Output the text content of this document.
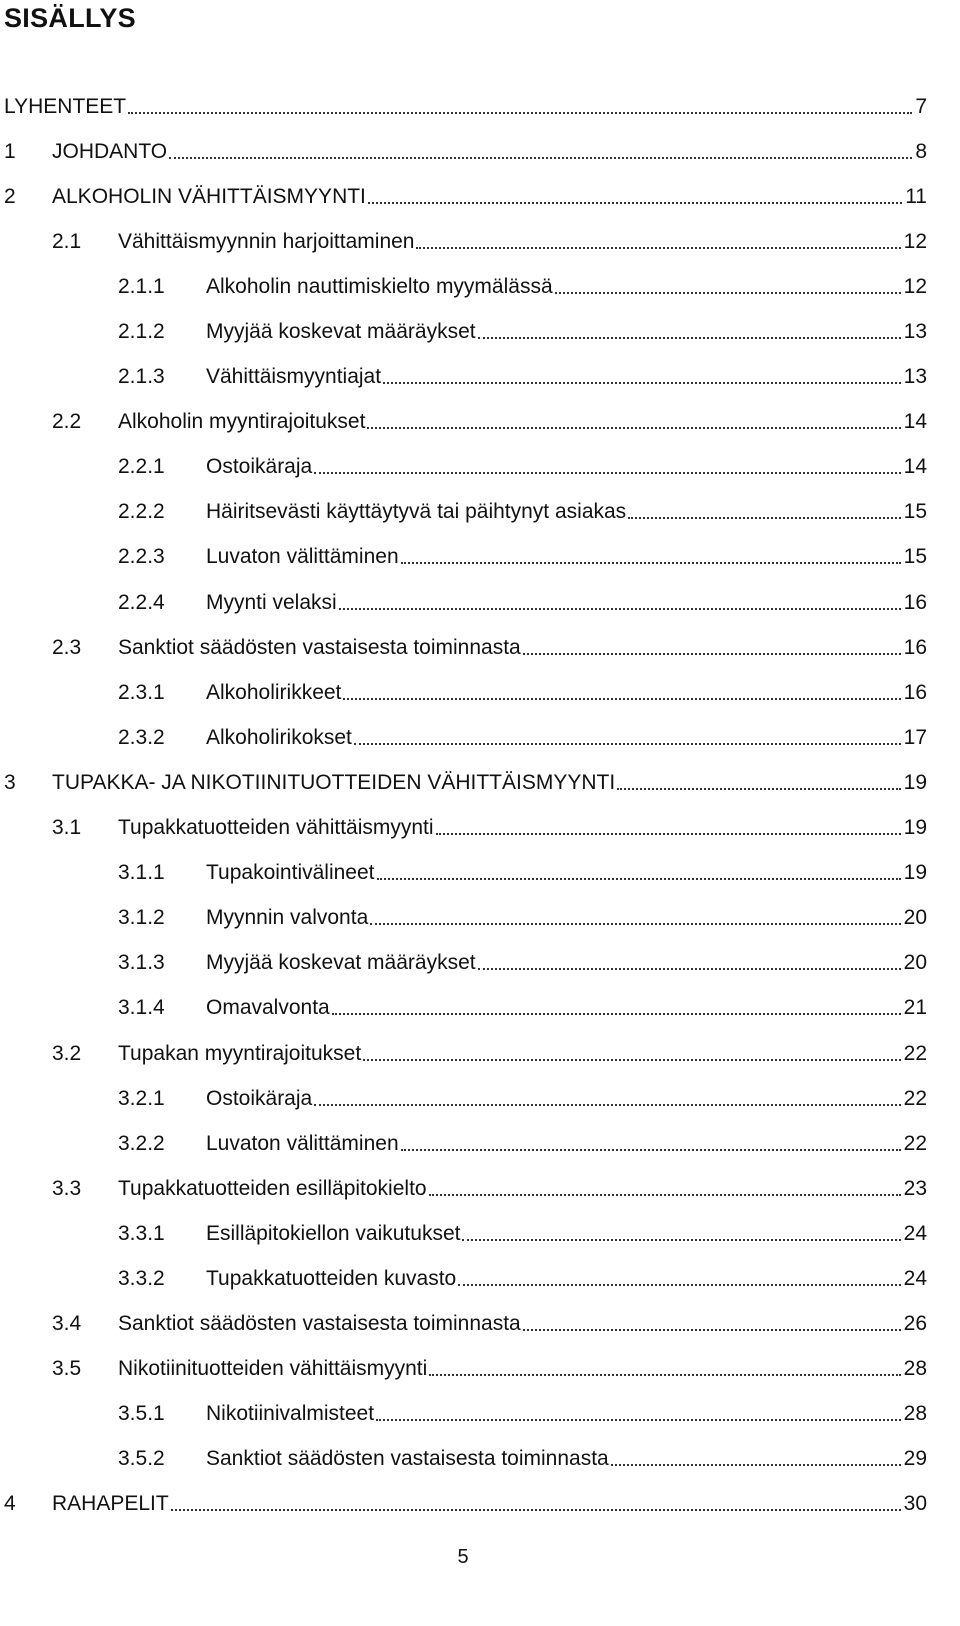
SISÄLLYS
LYHENTEET	7
1	JOHDANTO	8
2	ALKOHOLIN VÄHITTÄISMYYNTI	11
2.1	Vähittäismyynnin harjoittaminen	12
2.1.1	Alkoholin nauttimiskielto myymälässä	12
2.1.2	Myyjää koskevat määräykset	13
2.1.3	Vähittäismyyntiajat	13
2.2	Alkoholin myyntirajoitukset	14
2.2.1	Ostoikäraja	14
2.2.2	Häiritsevästi käyttäytyvä tai päihtynyt asiakas	15
2.2.3	Luvaton välittäminen	15
2.2.4	Myynti velaksi	16
2.3	Sanktiot säädösten vastaisesta toiminnasta	16
2.3.1	Alkoholirikkeet	16
2.3.2	Alkoholirikokset	17
3	TUPAKKA- JA NIKOTIINITUOTTEIDEN VÄHITTÄISMYYNTI	19
3.1	Tupakkatuotteiden vähittäismyynti	19
3.1.1	Tupakointivälineet	19
3.1.2	Myynnin valvonta	20
3.1.3	Myyjää koskevat määräykset	20
3.1.4	Omavalvonta	21
3.2	Tupakan myyntirajoitukset	22
3.2.1	Ostoikäraja	22
3.2.2	Luvaton välittäminen	22
3.3	Tupakkatuotteiden esilläpitokielto	23
3.3.1	Esilläpitokiellon vaikutukset	24
3.3.2	Tupakkatuotteiden kuvasto	24
3.4	Sanktiot säädösten vastaisesta toiminnasta	26
3.5	Nikotiinituotteiden vähittäismyynti	28
3.5.1	Nikotiinivalmisteet	28
3.5.2	Sanktiot säädösten vastaisesta toiminnasta	29
4	RAHAPELIT	30
5
